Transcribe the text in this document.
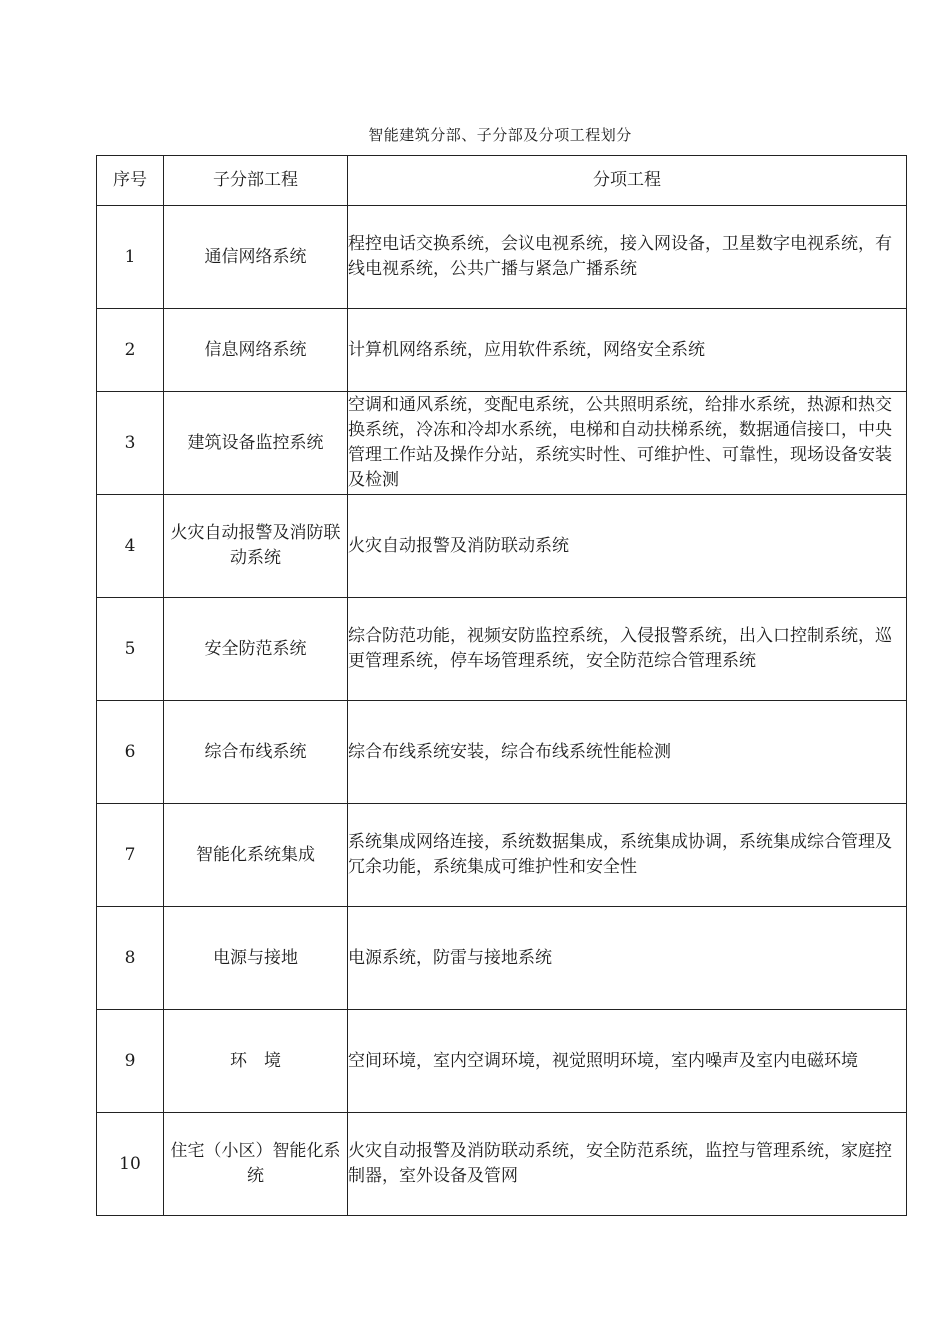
智能建筑分部、子分部及分项工程划分
序号	子分部工程	分项工程
1	通信网络系统	程控电话交换系统，会议电视系统，接入网设备，卫星数字电视系统，有线电视系统，公共广播与紧急广播系统
2	信息网络系统	计算机网络系统，应用软件系统，网络安全系统
3	建筑设备监控系统	空调和通风系统，变配电系统，公共照明系统，给排水系统，热源和热交换系统，冷冻和冷却水系统，电梯和自动扶梯系统，数据通信接口，中央管理工作站及操作分站，系统实时性、可维护性、可靠性，现场设备安装及检测
4	火灾自动报警及消防联动系统	火灾自动报警及消防联动系统
5	安全防范系统	综合防范功能，视频安防监控系统，入侵报警系统，出入口控制系统，巡更管理系统，停车场管理系统，安全防范综合管理系统
6	综合布线系统	综合布线系统安装，综合布线系统性能检测
7	智能化系统集成	系统集成网络连接，系统数据集成，系统集成协调，系统集成综合管理及冗余功能，系统集成可维护性和安全性
8	电源与接地	电源系统，防雷与接地系统
9	环　境	空间环境，室内空调环境，视觉照明环境，室内噪声及室内电磁环境
10	住宅（小区）智能化系统	火灾自动报警及消防联动系统，安全防范系统，监控与管理系统，家庭控制器，室外设备及管网
